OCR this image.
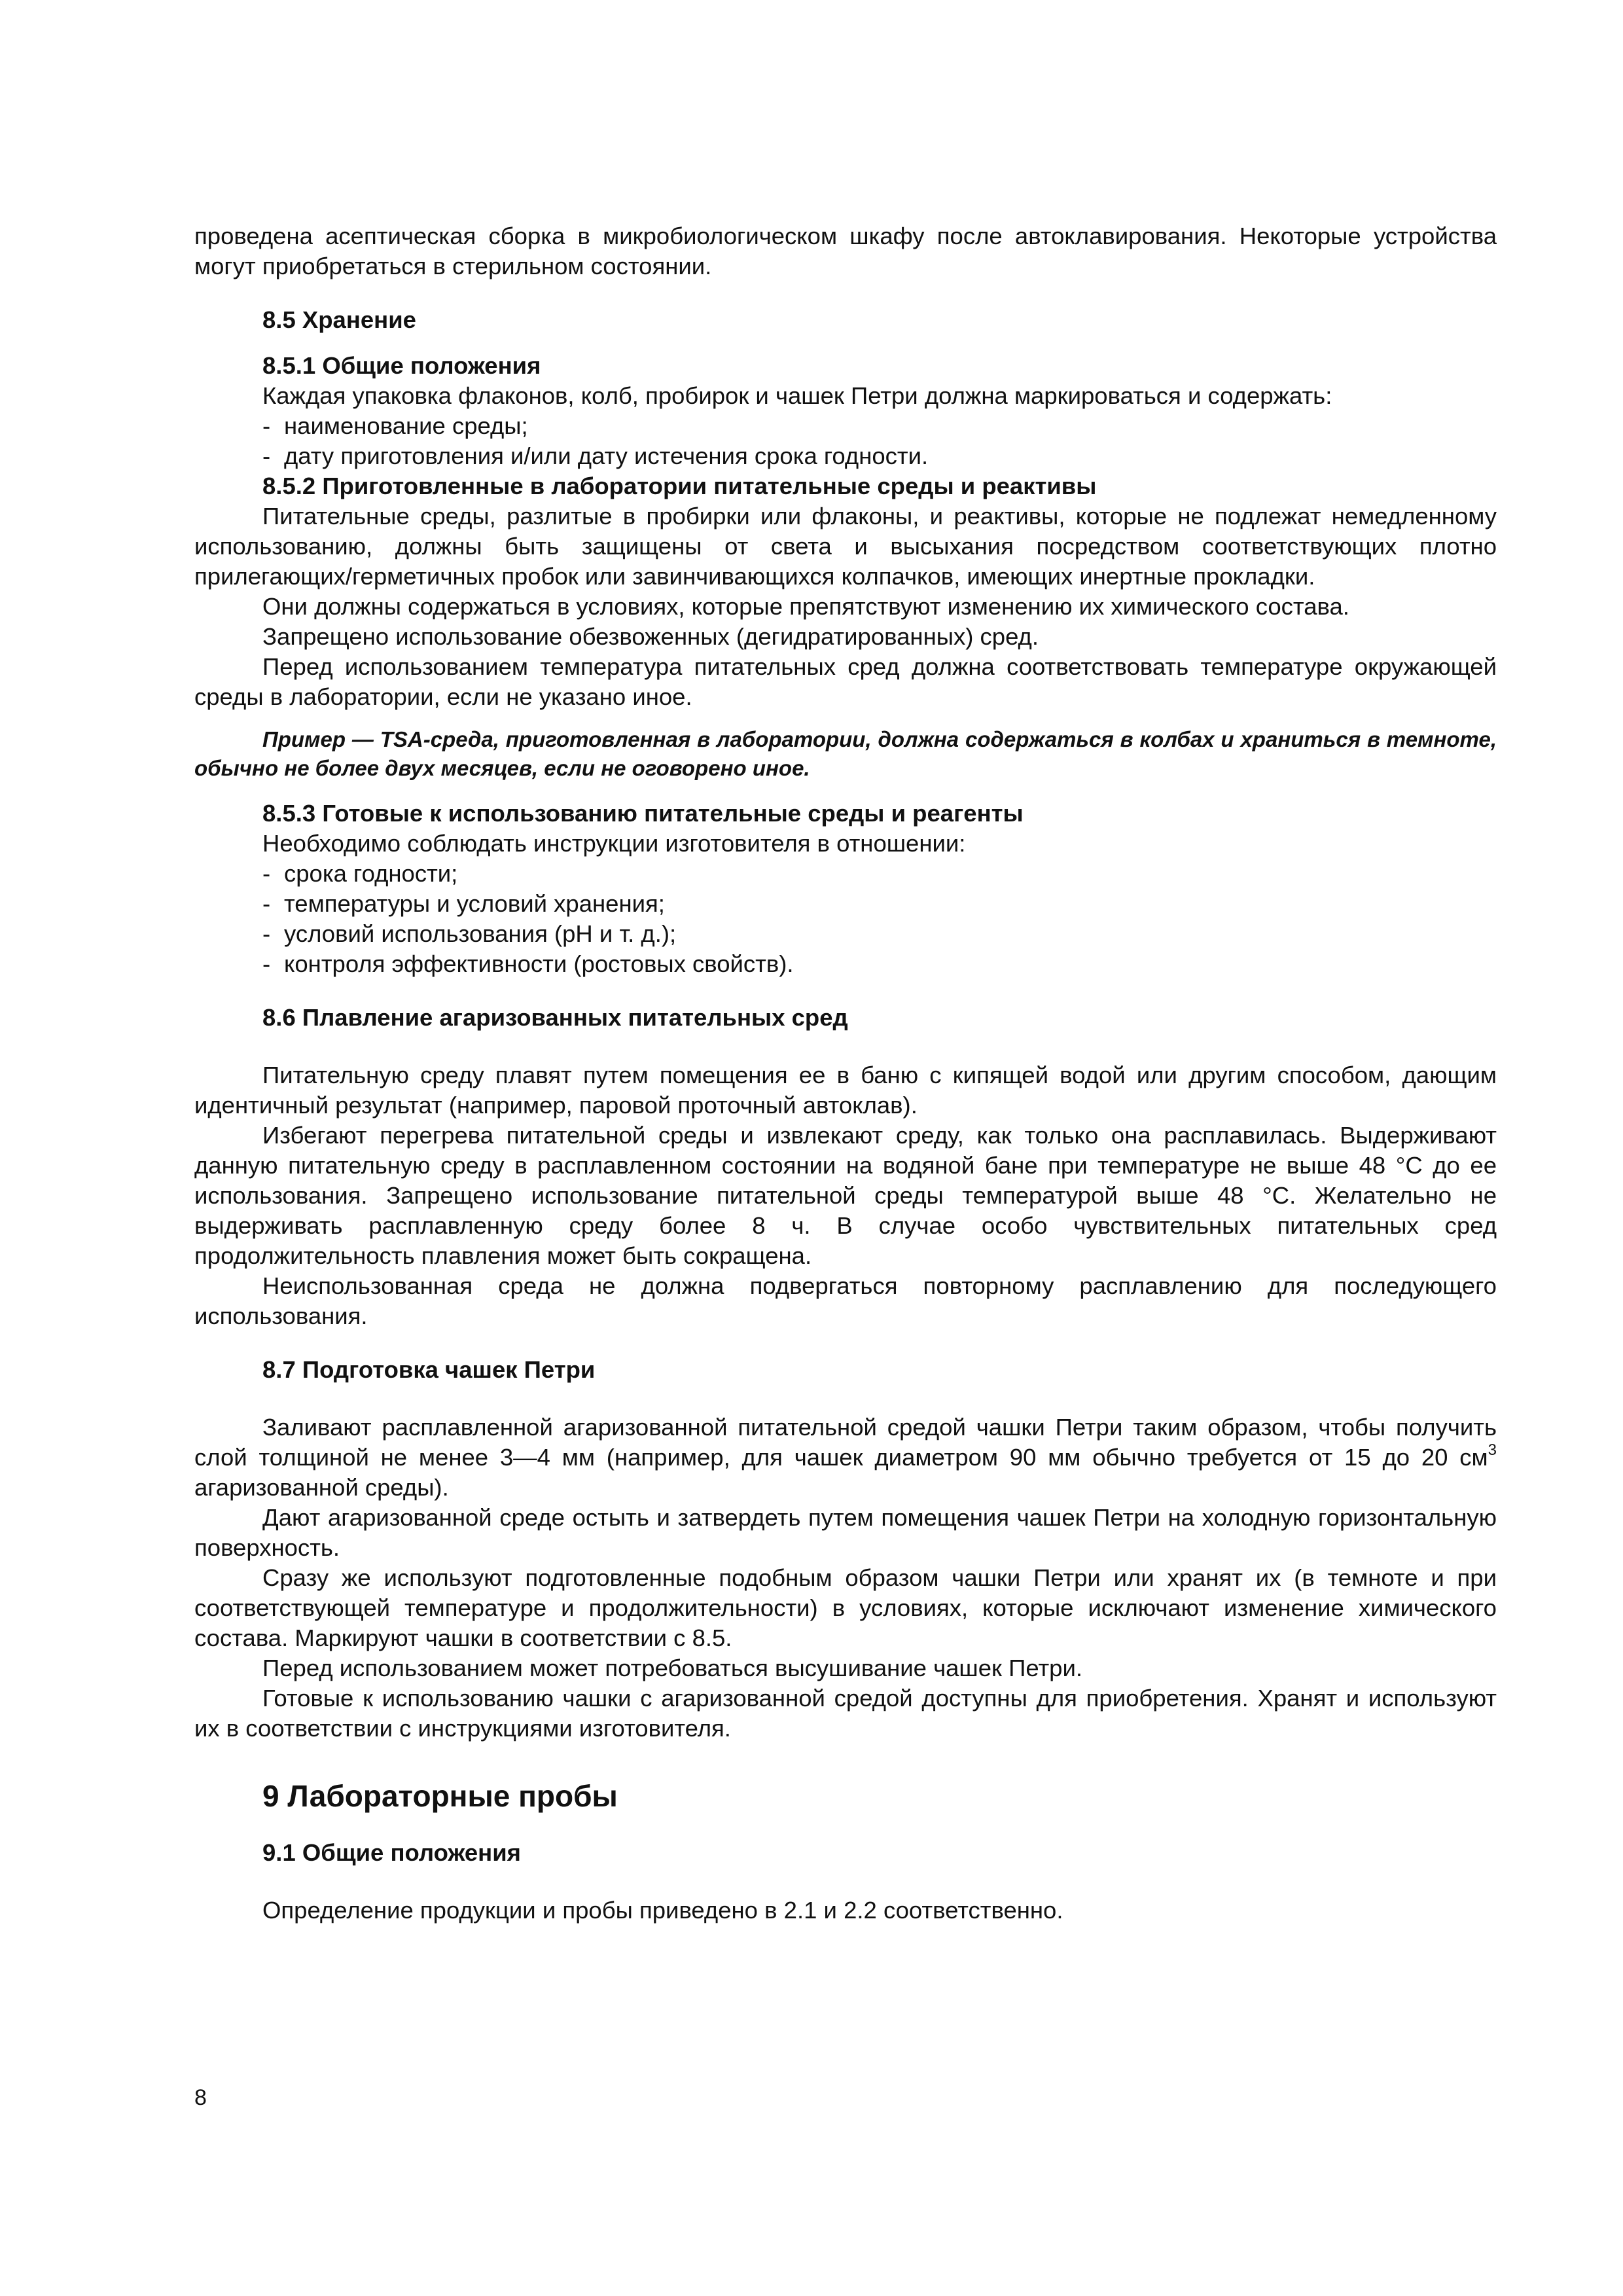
проведена асептическая сборка в микробиологическом шкафу после автоклавирования. Некоторые устройства могут приобретаться в стерильном состоянии.

8.5 Хранение

8.5.1 Общие положения

Каждая упаковка флаконов, колб, пробирок и чашек Петри должна маркироваться и содержать:

- наименование среды;

- дату приготовления и/или дату истечения срока годности.

8.5.2 Приготовленные в лаборатории питательные среды и реактивы

Питательные среды, разлитые в пробирки или флаконы, и реактивы, которые не подлежат немедленному использованию, должны быть защищены от света и высыхания посредством соответствующих плотно прилегающих/герметичных пробок или завинчивающихся колпачков, имеющих инертные прокладки.

Они должны содержаться в условиях, которые препятствуют изменению их химического состава.

Запрещено использование обезвоженных (дегидратированных) сред.

Перед использованием температура питательных сред должна соответствовать температуре окружающей среды в лаборатории, если не указано иное.

Пример — TSA-среда, приготовленная в лаборатории, должна содержаться в колбах и храниться в темноте, обычно не более двух месяцев, если не оговорено иное.

8.5.3 Готовые к использованию питательные среды и реагенты

Необходимо соблюдать инструкции изготовителя в отношении:

- срока годности;

- температуры и условий хранения;

- условий использования (рН и т. д.);

- контроля эффективности (ростовых свойств).

8.6 Плавление агаризованных питательных сред

Питательную среду плавят путем помещения ее в баню с кипящей водой или другим способом, дающим идентичный результат (например, паровой проточный автоклав).

Избегают перегрева питательной среды и извлекают среду, как только она расплавилась. Выдерживают данную питательную среду в расплавленном состоянии на водяной бане при температуре не выше 48 °С до ее использования. Запрещено использование питательной среды температурой выше 48 °С. Желательно не выдерживать расплавленную среду более 8 ч. В случае особо чувствительных питательных сред продолжительность плавления может быть сокращена.

Неиспользованная среда не должна подвергаться повторному расплавлению для последующего использования.

8.7 Подготовка чашек Петри

Заливают расплавленной агаризованной питательной средой чашки Петри таким образом, чтобы получить слой толщиной не менее 3—4 мм (например, для чашек диаметром 90 мм обычно требуется от 15 до 20 $см^3$ агаризованной среды).

Дают агаризованной среде остыть и затвердеть путем помещения чашек Петри на холодную горизонтальную поверхность.

Сразу же используют подготовленные подобным образом чашки Петри или хранят их (в темноте и при соответствующей температуре и продолжительности) в условиях, которые исключают изменение химического состава. Маркируют чашки в соответствии с 8.5.

Перед использованием может потребоваться высушивание чашек Петри.

Готовые к использованию чашки с агаризованной средой доступны для приобретения. Хранят и используют их в соответствии с инструкциями изготовителя.

9 Лабораторные пробы

9.1 Общие положения

Определение продукции и пробы приведено в 2.1 и 2.2 соответственно.

8
